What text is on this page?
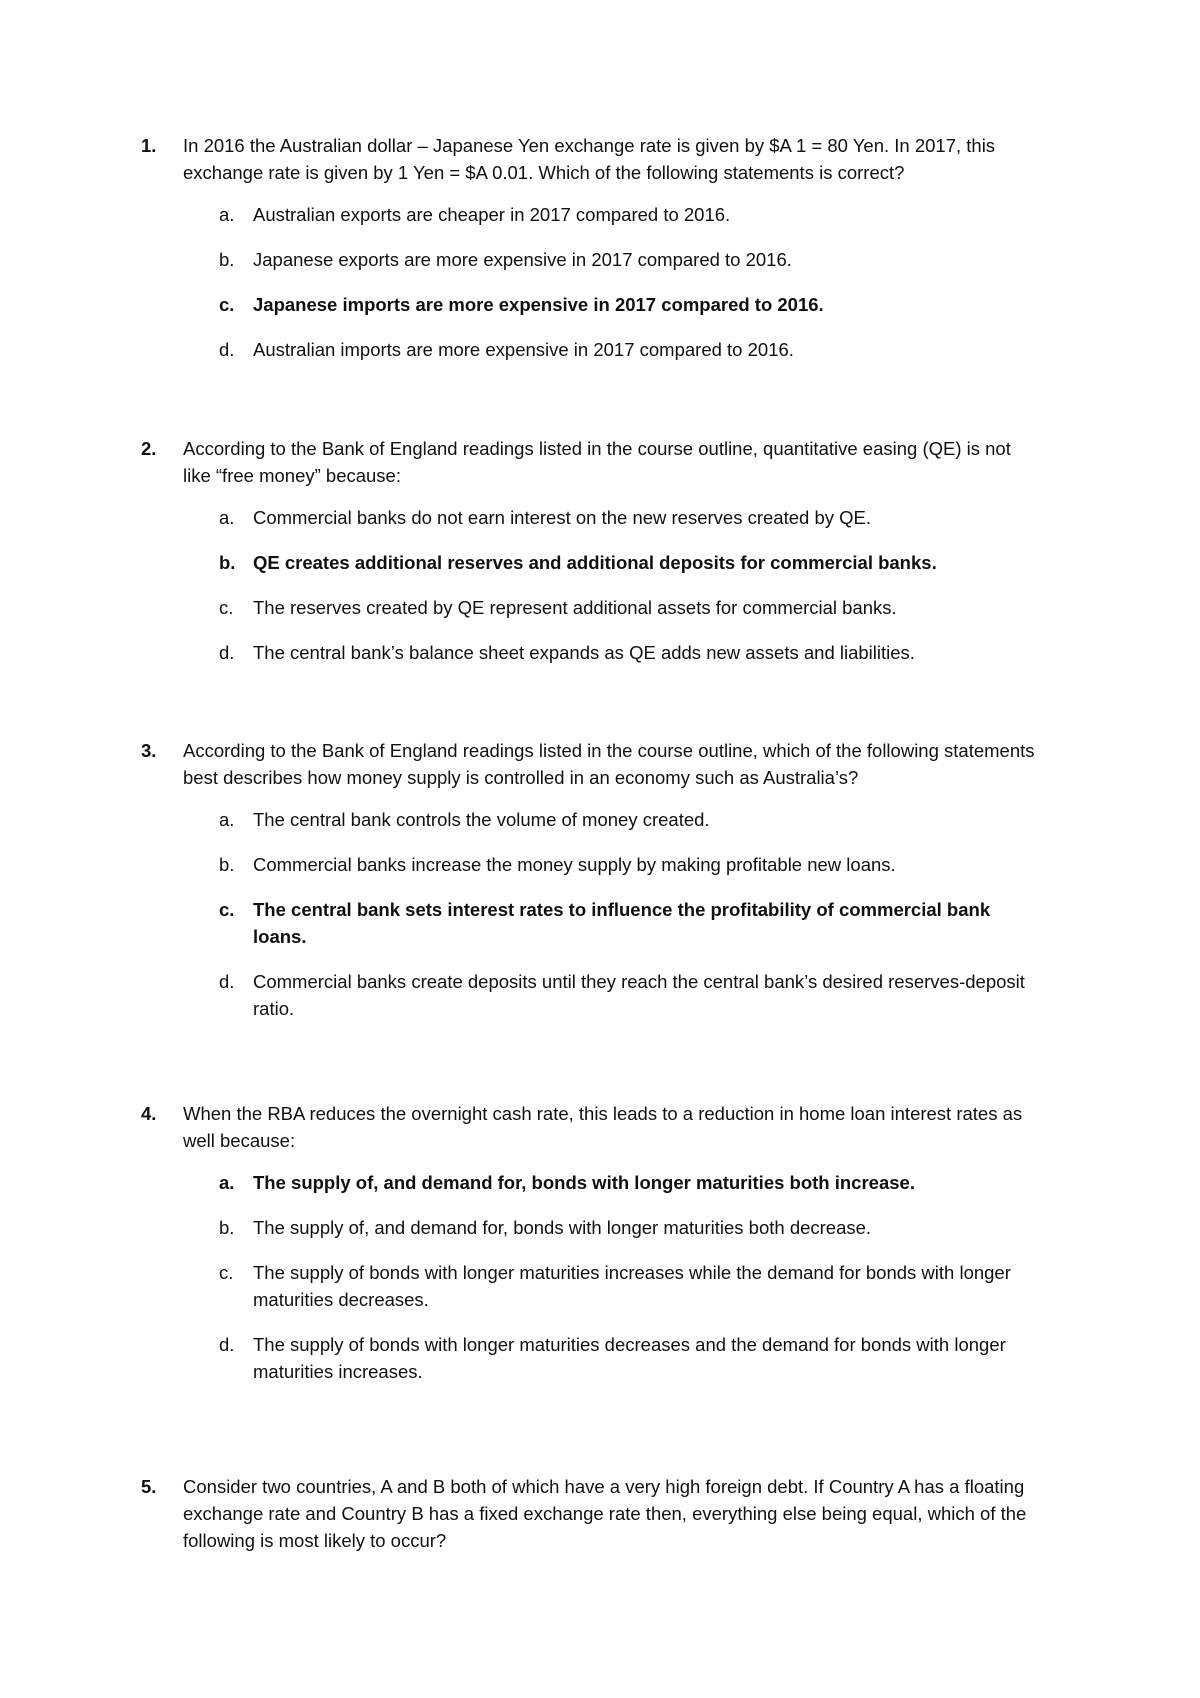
1.	In 2016 the Australian dollar – Japanese Yen exchange rate is given by $A 1 = 80 Yen. In 2017, this exchange rate is given by 1 Yen = $A 0.01. Which of the following statements is correct?
a.	Australian exports are cheaper in 2017 compared to 2016.
b.	Japanese exports are more expensive in 2017 compared to 2016.
c.	Japanese imports are more expensive in 2017 compared to 2016.
d.	Australian imports are more expensive in 2017 compared to 2016.
2.	According to the Bank of England readings listed in the course outline, quantitative easing (QE) is not like “free money” because:
a.	Commercial banks do not earn interest on the new reserves created by QE.
b. QE creates additional reserves and additional deposits for commercial banks.
c.	The reserves created by QE represent additional assets for commercial banks.
d.	The central bank’s balance sheet expands as QE adds new assets and liabilities.
3.	According to the Bank of England readings listed in the course outline, which of the following statements best describes how money supply is controlled in an economy such as Australia’s?
a.	The central bank controls the volume of money created.
b.	Commercial banks increase the money supply by making profitable new loans.
c.	The central bank sets interest rates to influence the profitability of commercial bank loans.
d.	Commercial banks create deposits until they reach the central bank’s desired reserves-deposit ratio.
4.	When the RBA reduces the overnight cash rate, this leads to a reduction in home loan interest rates as well because:
a.	The supply of, and demand for, bonds with longer maturities both increase.
b.	The supply of, and demand for, bonds with longer maturities both decrease.
c.	The supply of bonds with longer maturities increases while the demand for bonds with longer maturities decreases.
d.	The supply of bonds with longer maturities decreases and the demand for bonds with longer maturities increases.
5.	Consider two countries, A and B both of which have a very high foreign debt. If Country A has a floating exchange rate and Country B has a fixed exchange rate then, everything else being equal, which of the following is most likely to occur?
